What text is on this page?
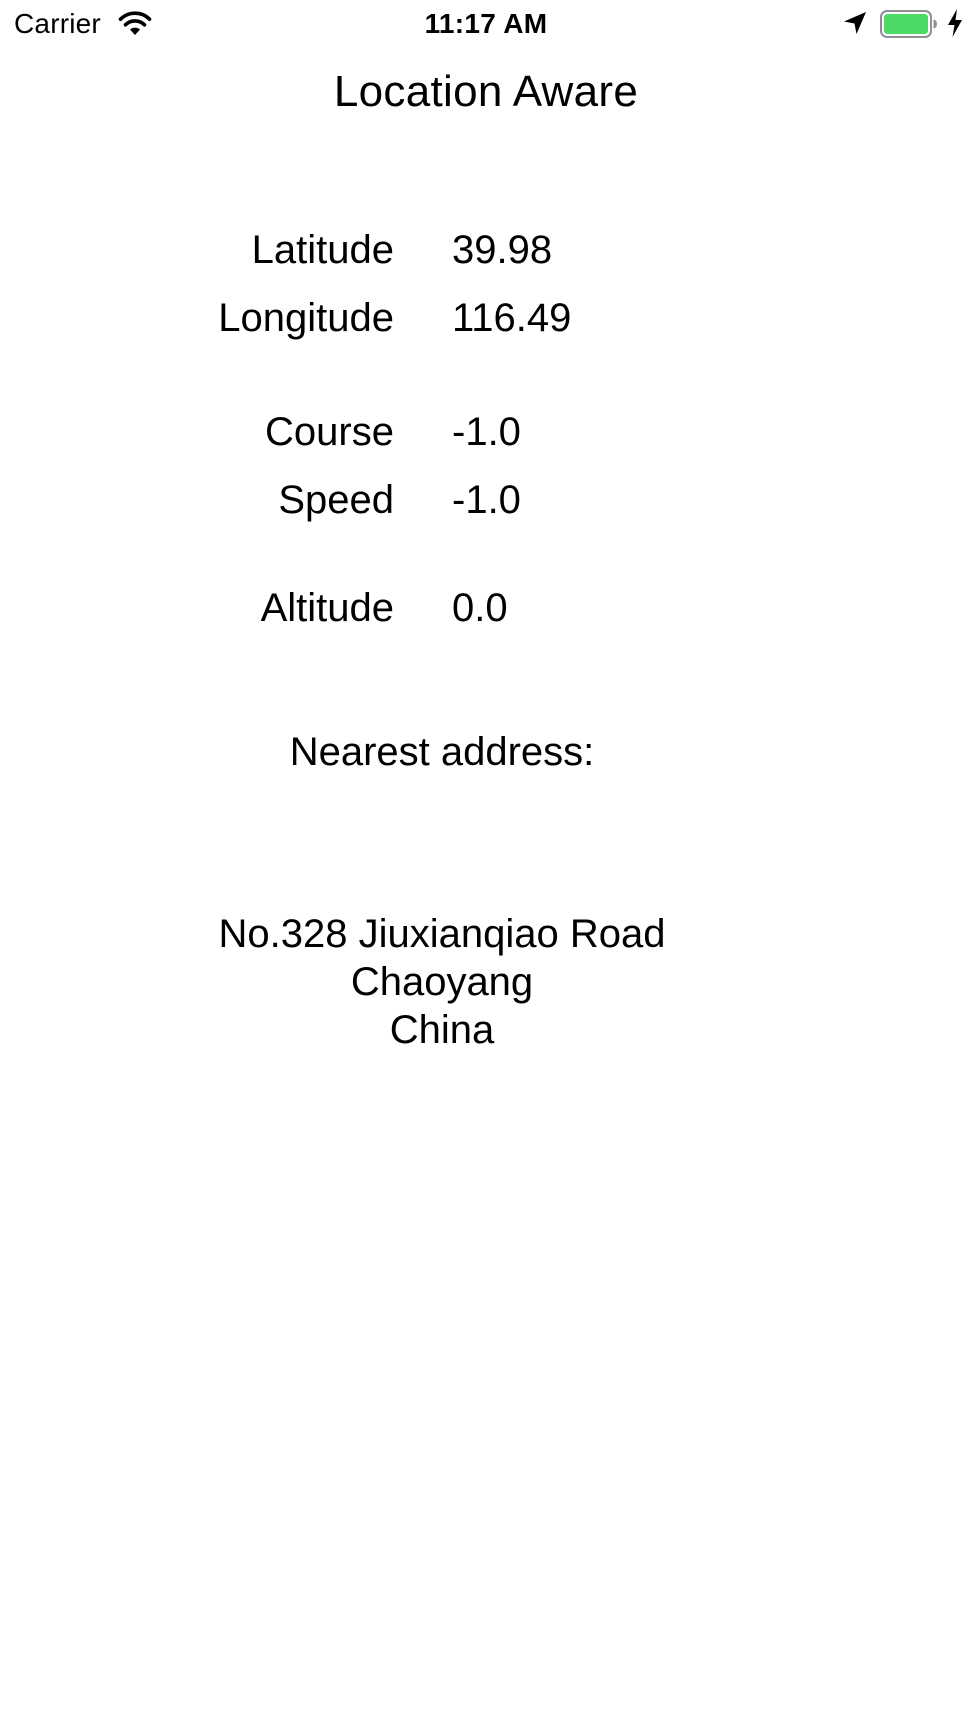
Carrier	11:17 AM
Location Aware
Latitude 39.98
Longitude 116.49
Course -1.0
Speed -1.0
Altitude 0.0
Nearest address:
No.328 Jiuxianqiao Road
Chaoyang
China
